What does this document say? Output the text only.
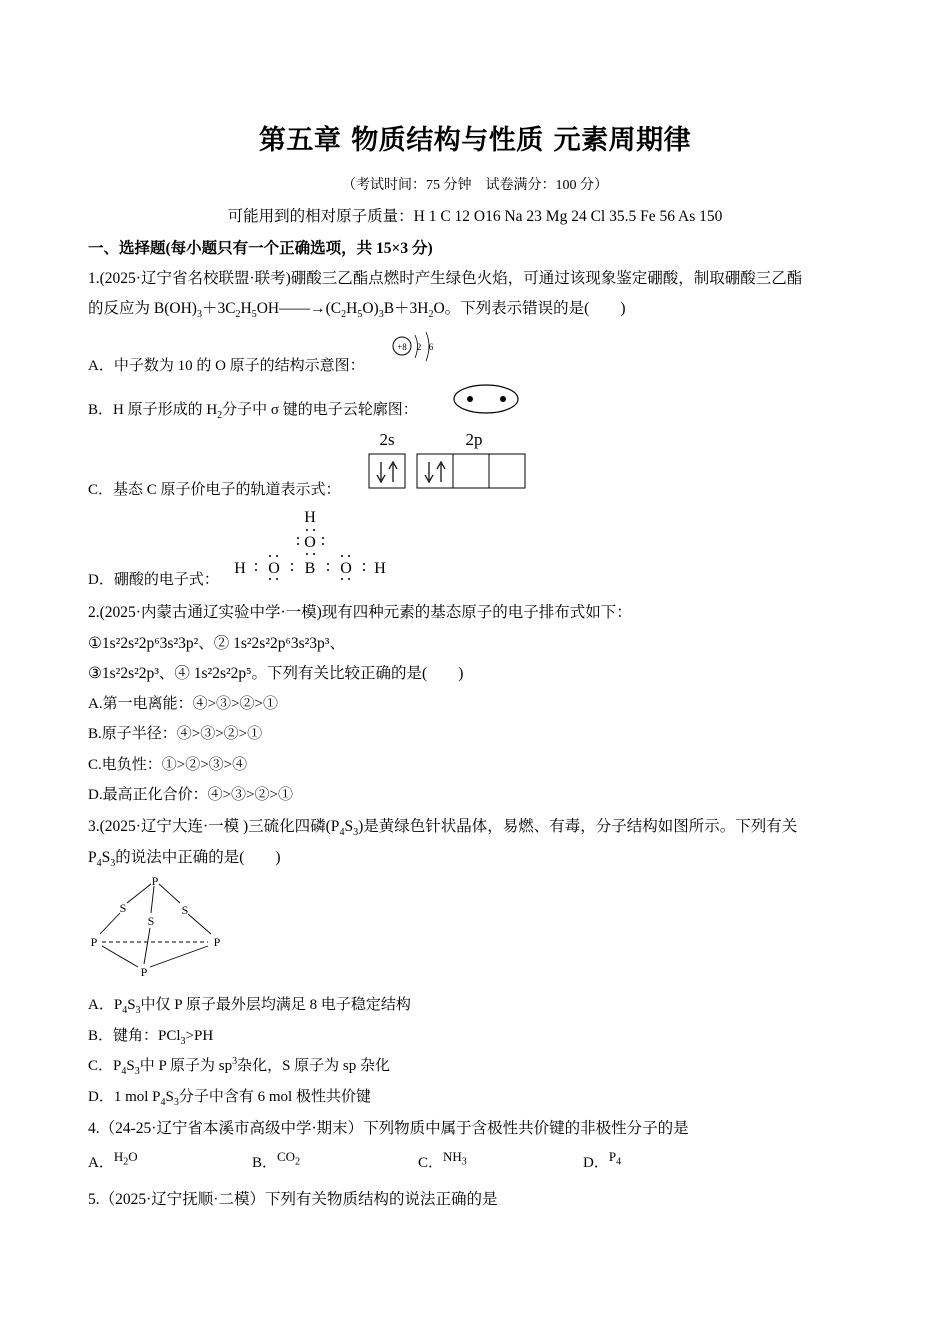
第五章 物质结构与性质 元素周期律
（考试时间：75 分钟　试卷满分：100 分）
可能用到的相对原子质量：H 1 C 12 O16 Na 23 Mg 24 Cl 35.5 Fe 56 As 150
一、选择题(每小题只有一个正确选项，共 15×3 分)
1.(2025·辽宁省名校联盟·联考)硼酸三乙酯点燃时产生绿色火焰，可通过该现象鉴定硼酸，制取硼酸三乙酯
的反应为 $B(OH)_3+3C_2H_5OH——\to(C_2H_5O)_3B+3H_2O$。下列表示错误的是(　　)
A．中子数为 10 的 O 原子的结构示意图：
+8 2 6
B．H 原子形成的 $H_2$分子中 σ 键的电子云轮廓图：
C．基态 C 原子价电子的轨道表示式：
2s	2p
D．硼酸的电子式：
H
O
H O B O H
2.(2025·内蒙古通辽实验中学·一模)现有四种元素的基态原子的电子排布式如下：
①1s²2s²2p⁶3s²3p²、② 1s²2s²2p⁶3s²3p³、
③1s²2s²2p³、④ 1s²2s²2p⁵。下列有关比较正确的是(　　)
A.第一电离能：④>③>②>①
B.原子半径：④>③>②>①
C.电负性：①>②>③>④
D.最高正化合价：④>③>②>①
3.(2025·辽宁大连·一模 )三硫化四磷$(P_4S_3)$是黄绿色针状晶体，易燃、有毒，分子结构如图所示。下列有关
$P_4S_3$的说法中正确的是(　　)
P
S	S
S
P	P
P
A．$P_4S_3$中仅 P 原子最外层均满足 8 电子稳定结构
B．键角：PCl$_3$>PH
C．$P_4S_3$中 P 原子为 $sp^3$杂化，S 原子为 sp 杂化
D．1 mol $P_4S_3$分子中含有 6 mol 极性共价键
4.（24-25·辽宁省本溪市高级中学·期末）下列物质中属于含极性共价键的非极性分子的是
A．$H_2O$	B．$CO_2$	C．$NH_3$	D．$P_4$
5.（2025·辽宁抚顺·二模）下列有关物质结构的说法正确的是
